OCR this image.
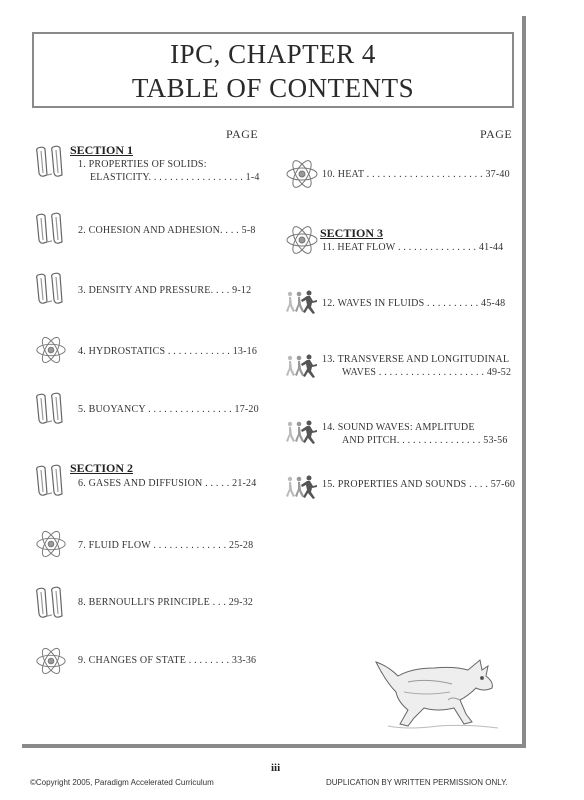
IPC, CHAPTER 4
TABLE OF CONTENTS
PAGE	PAGE
SECTION 1
SECTION 2
SECTION 3
1. PROPERTIES OF SOLIDS:
ELASTICITY. . . . . . . . . . . . . . . . . . 1-4
2. COHESION AND ADHESION. . . . 5-8
3. DENSITY AND PRESSURE. . . . 9-12
4. HYDROSTATICS . . . . . . . . . . . . 13-16
5. BUOYANCY . . . . . . . . . . . . . . . . 17-20
6. GASES AND DIFFUSION . . . . . 21-24
7. FLUID FLOW . . . . . . . . . . . . . . 25-28
8. BERNOULLI'S PRINCIPLE . . . 29-32
9. CHANGES OF STATE . . . . . . . . 33-36
10. HEAT . . . . . . . . . . . . . . . . . . . . . . 37-40
11. HEAT FLOW . . . . . . . . . . . . . . . 41-44
12. WAVES IN FLUIDS . . . . . . . . . . 45-48
13. TRANSVERSE AND LONGITUDINAL
WAVES . . . . . . . . . . . . . . . . . . . . 49-52
14. SOUND WAVES: AMPLITUDE
AND PITCH. . . . . . . . . . . . . . . . 53-56
15. PROPERTIES AND SOUNDS . . . . 57-60
iii
©Copyright 2005, Paradigm Accelerated Curriculum	DUPLICATION BY WRITTEN PERMISSION ONLY.
